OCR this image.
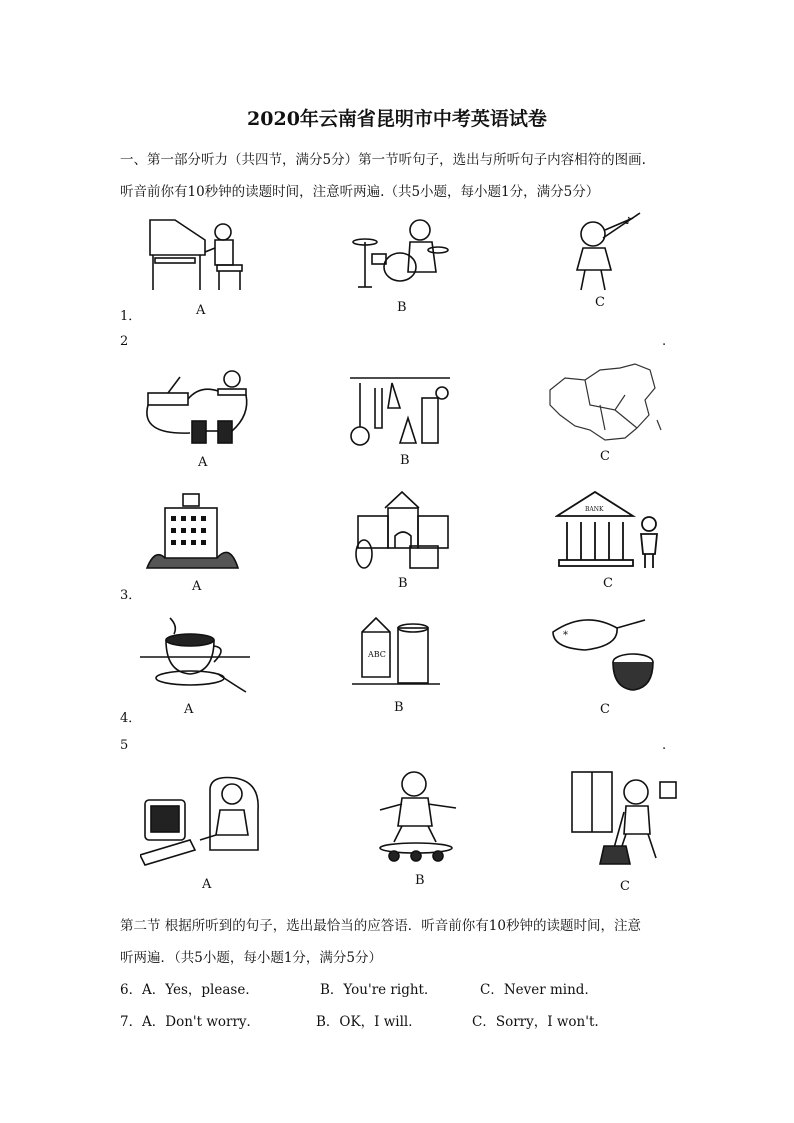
2020年云南省昆明市中考英语试卷
一、第一部分听力（共四节，满分5分）第一节听句子，选出与所听句子内容相符的图画.
听音前你有10秒钟的读题时间，注意听两遍.（共5小题，每小题1分，满分5分）
♪
1．	A	B	C
2	.
A	B	C
BANK
3．
A	B	C
ABC
*
4．
A	B	C
5	.
A	B	C
第二节 根据所听到的句子，选出最恰当的应答语．听音前你有10秒钟的读题时间，注意
听两遍．（共5小题，每小题1分，满分5分）
6． A．Yes，please．	B．You're right．	C．Never mind．
7． A．Don't worry．	B．OK，I will．	C．Sorry，I won't.
